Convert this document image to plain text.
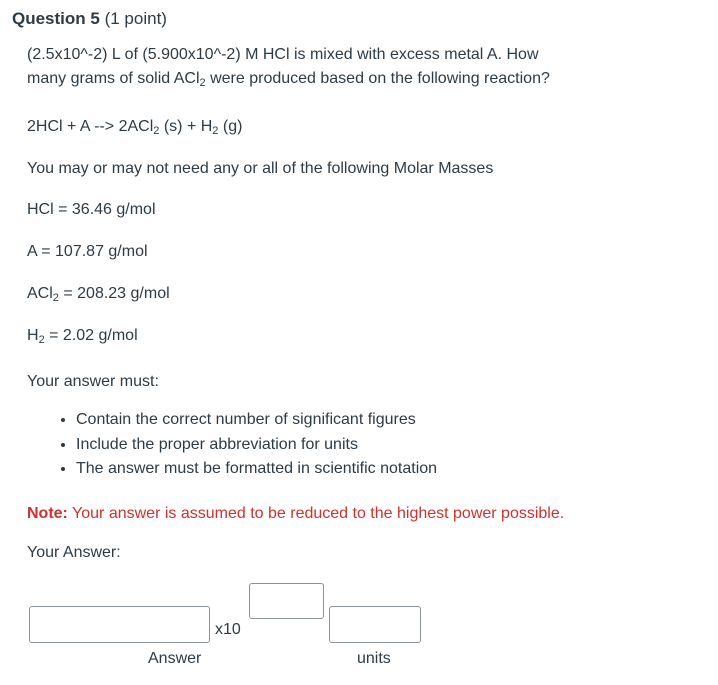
Question 5 (1 point)
(2.5x10^-2) L of (5.900x10^-2) M HCl is mixed with excess metal A. How
many grams of solid ACl$_2$ were produced based on the following reaction?
2HCl + A --> 2ACl$_2$ $(s) + H_2$ (g)
You may or may not need any or all of the following Molar Masses
HCl = 36.46 g/mol
A = 107.87 g/mol
ACl$_2$ = 208.23 g/mol
$H_2 = 2.02$ g/mol
Your answer must:
• Contain the correct number of significant figures
• Include the proper abbreviation for units
• The answer must be formatted in scientific notation
Note: Your answer is assumed to be reduced to the highest power possible.
Your Answer:
x10
Answer	units
